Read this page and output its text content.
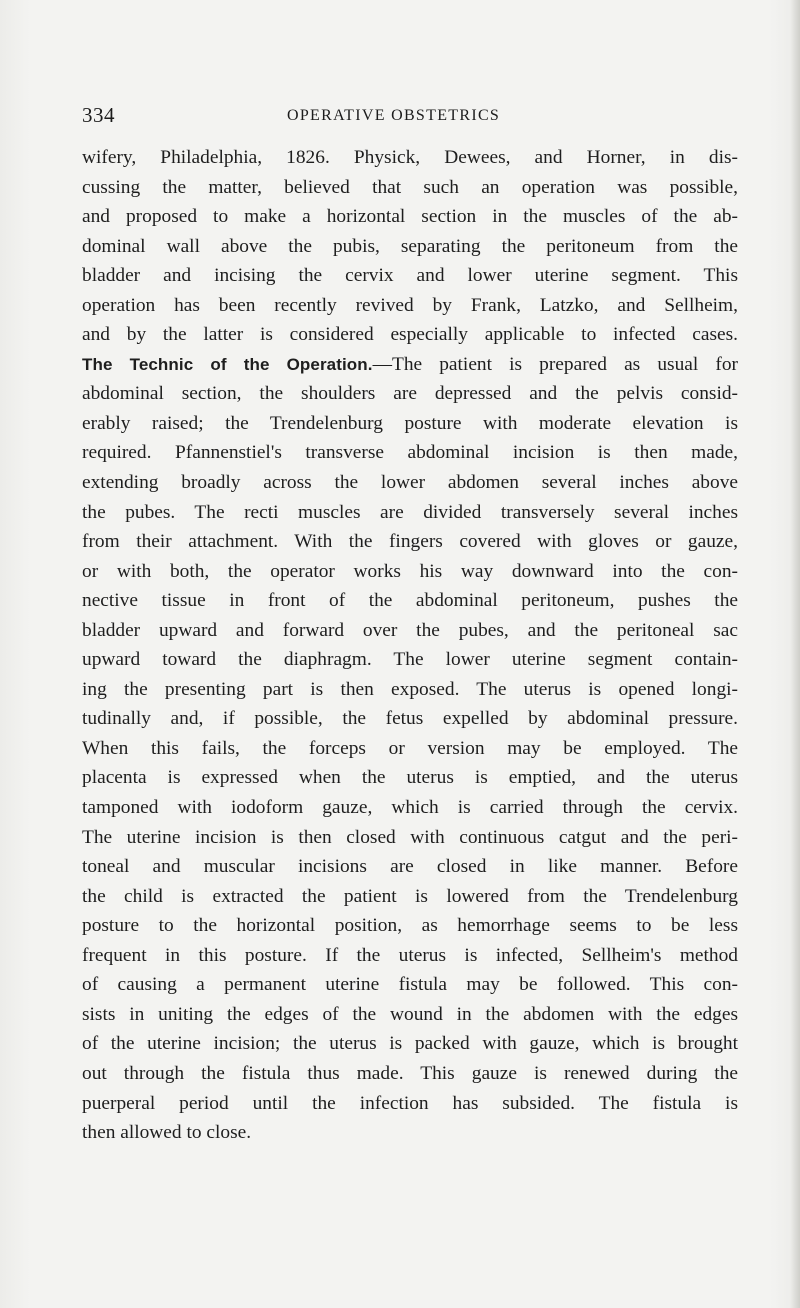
334	OPERATIVE OBSTETRICS
wifery, Philadelphia, 1826. Physick, Dewees, and Horner, in dis-
cussing the matter, believed that such an operation was possible,
and proposed to make a horizontal section in the muscles of the ab-
dominal wall above the pubis, separating the peritoneum from the
bladder and incising the cervix and lower uterine segment. This
operation has been recently revived by Frank, Latzko, and Sellheim,
and by the latter is considered especially applicable to infected cases.
The Technic of the Operation.—The patient is prepared as usual for
abdominal section, the shoulders are depressed and the pelvis consid-
erably raised; the Trendelenburg posture with moderate elevation is
required. Pfannenstiel's transverse abdominal incision is then made,
extending broadly across the lower abdomen several inches above
the pubes. The recti muscles are divided transversely several inches
from their attachment. With the fingers covered with gloves or gauze,
or with both, the operator works his way downward into the con-
nective tissue in front of the abdominal peritoneum, pushes the
bladder upward and forward over the pubes, and the peritoneal sac
upward toward the diaphragm. The lower uterine segment contain-
ing the presenting part is then exposed. The uterus is opened longi-
tudinally and, if possible, the fetus expelled by abdominal pressure.
When this fails, the forceps or version may be employed. The
placenta is expressed when the uterus is emptied, and the uterus
tamponed with iodoform gauze, which is carried through the cervix.
The uterine incision is then closed with continuous catgut and the peri-
toneal and muscular incisions are closed in like manner. Before
the child is extracted the patient is lowered from the Trendelenburg
posture to the horizontal position, as hemorrhage seems to be less
frequent in this posture. If the uterus is infected, Sellheim's method
of causing a permanent uterine fistula may be followed. This con-
sists in uniting the edges of the wound in the abdomen with the edges
of the uterine incision; the uterus is packed with gauze, which is brought
out through the fistula thus made. This gauze is renewed during the
puerperal period until the infection has subsided. The fistula is
then allowed to close.
